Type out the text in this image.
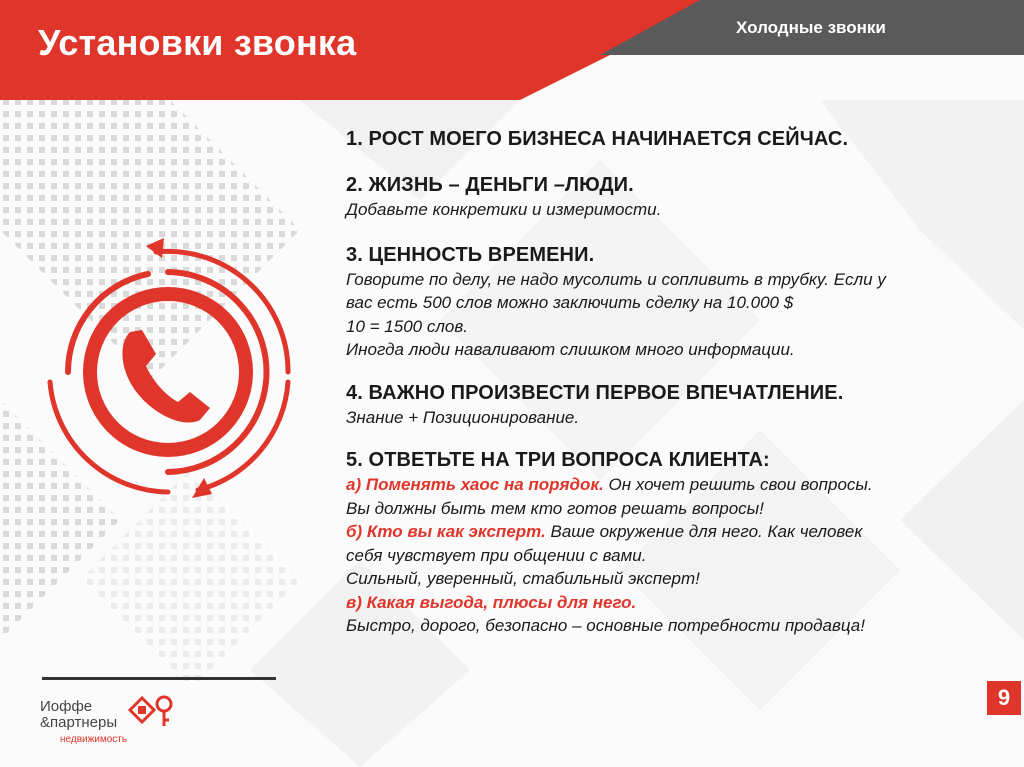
Установки звонка	Холодные звонки
1. РОСТ МОЕГО БИЗНЕСА НАЧИНАЕТСЯ СЕЙЧАС.
2. ЖИЗНЬ – ДЕНЬГИ –ЛЮДИ.
Добавьте конкретики и измеримости.
3. ЦЕННОСТЬ ВРЕМЕНИ.
Говорите по делу, не надо мусолить и сопливить в трубку. Если у
вас есть 500 слов можно заключить сделку на 10.000 $
10 = 1500 слов.
Иногда люди наваливают слишком много информации.
4. ВАЖНО ПРОИЗВЕСТИ ПЕРВОЕ ВПЕЧАТЛЕНИЕ.
Знание + Позиционирование.
5. ОТВЕТЬТЕ НА ТРИ ВОПРОСА КЛИЕНТА:
а) Поменять хаос на порядок. Он хочет решить свои вопросы.
Вы должны быть тем кто готов решать вопросы!
б) Кто вы как эксперт. Ваше окружение для него. Как человек
себя чувствует при общении с вами.
Сильный, уверенный, стабильный эксперт!
в) Какая выгода, плюсы для него.
Быстро, дорого, безопасно – основные потребности продавца!
Иоффе
&партнеры
недвижимость
9
